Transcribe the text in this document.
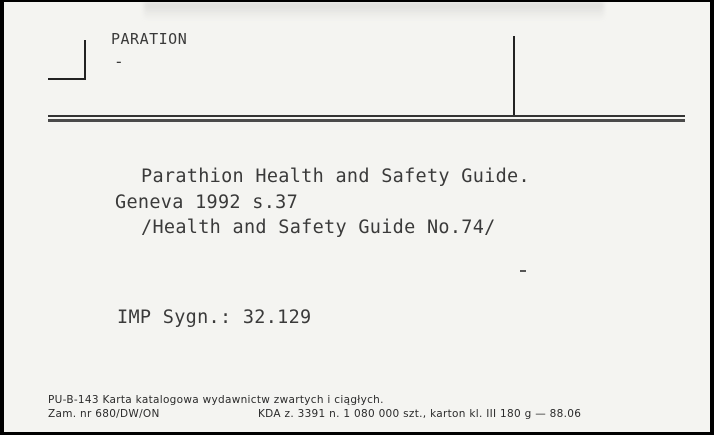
PARATION
-
Parathion Health and Safety Guide.
Geneva 1992 s.37
/Health and Safety Guide No.74/
IMP Sygn.: 32.129
PU-B-143 Karta katalogowa wydawnictw zwartych i ciągłych.
Zam. nr 680/DW/ON	KDA z. 3391 n. 1 080 000 szt., karton kl. III 180 g — 88.06
